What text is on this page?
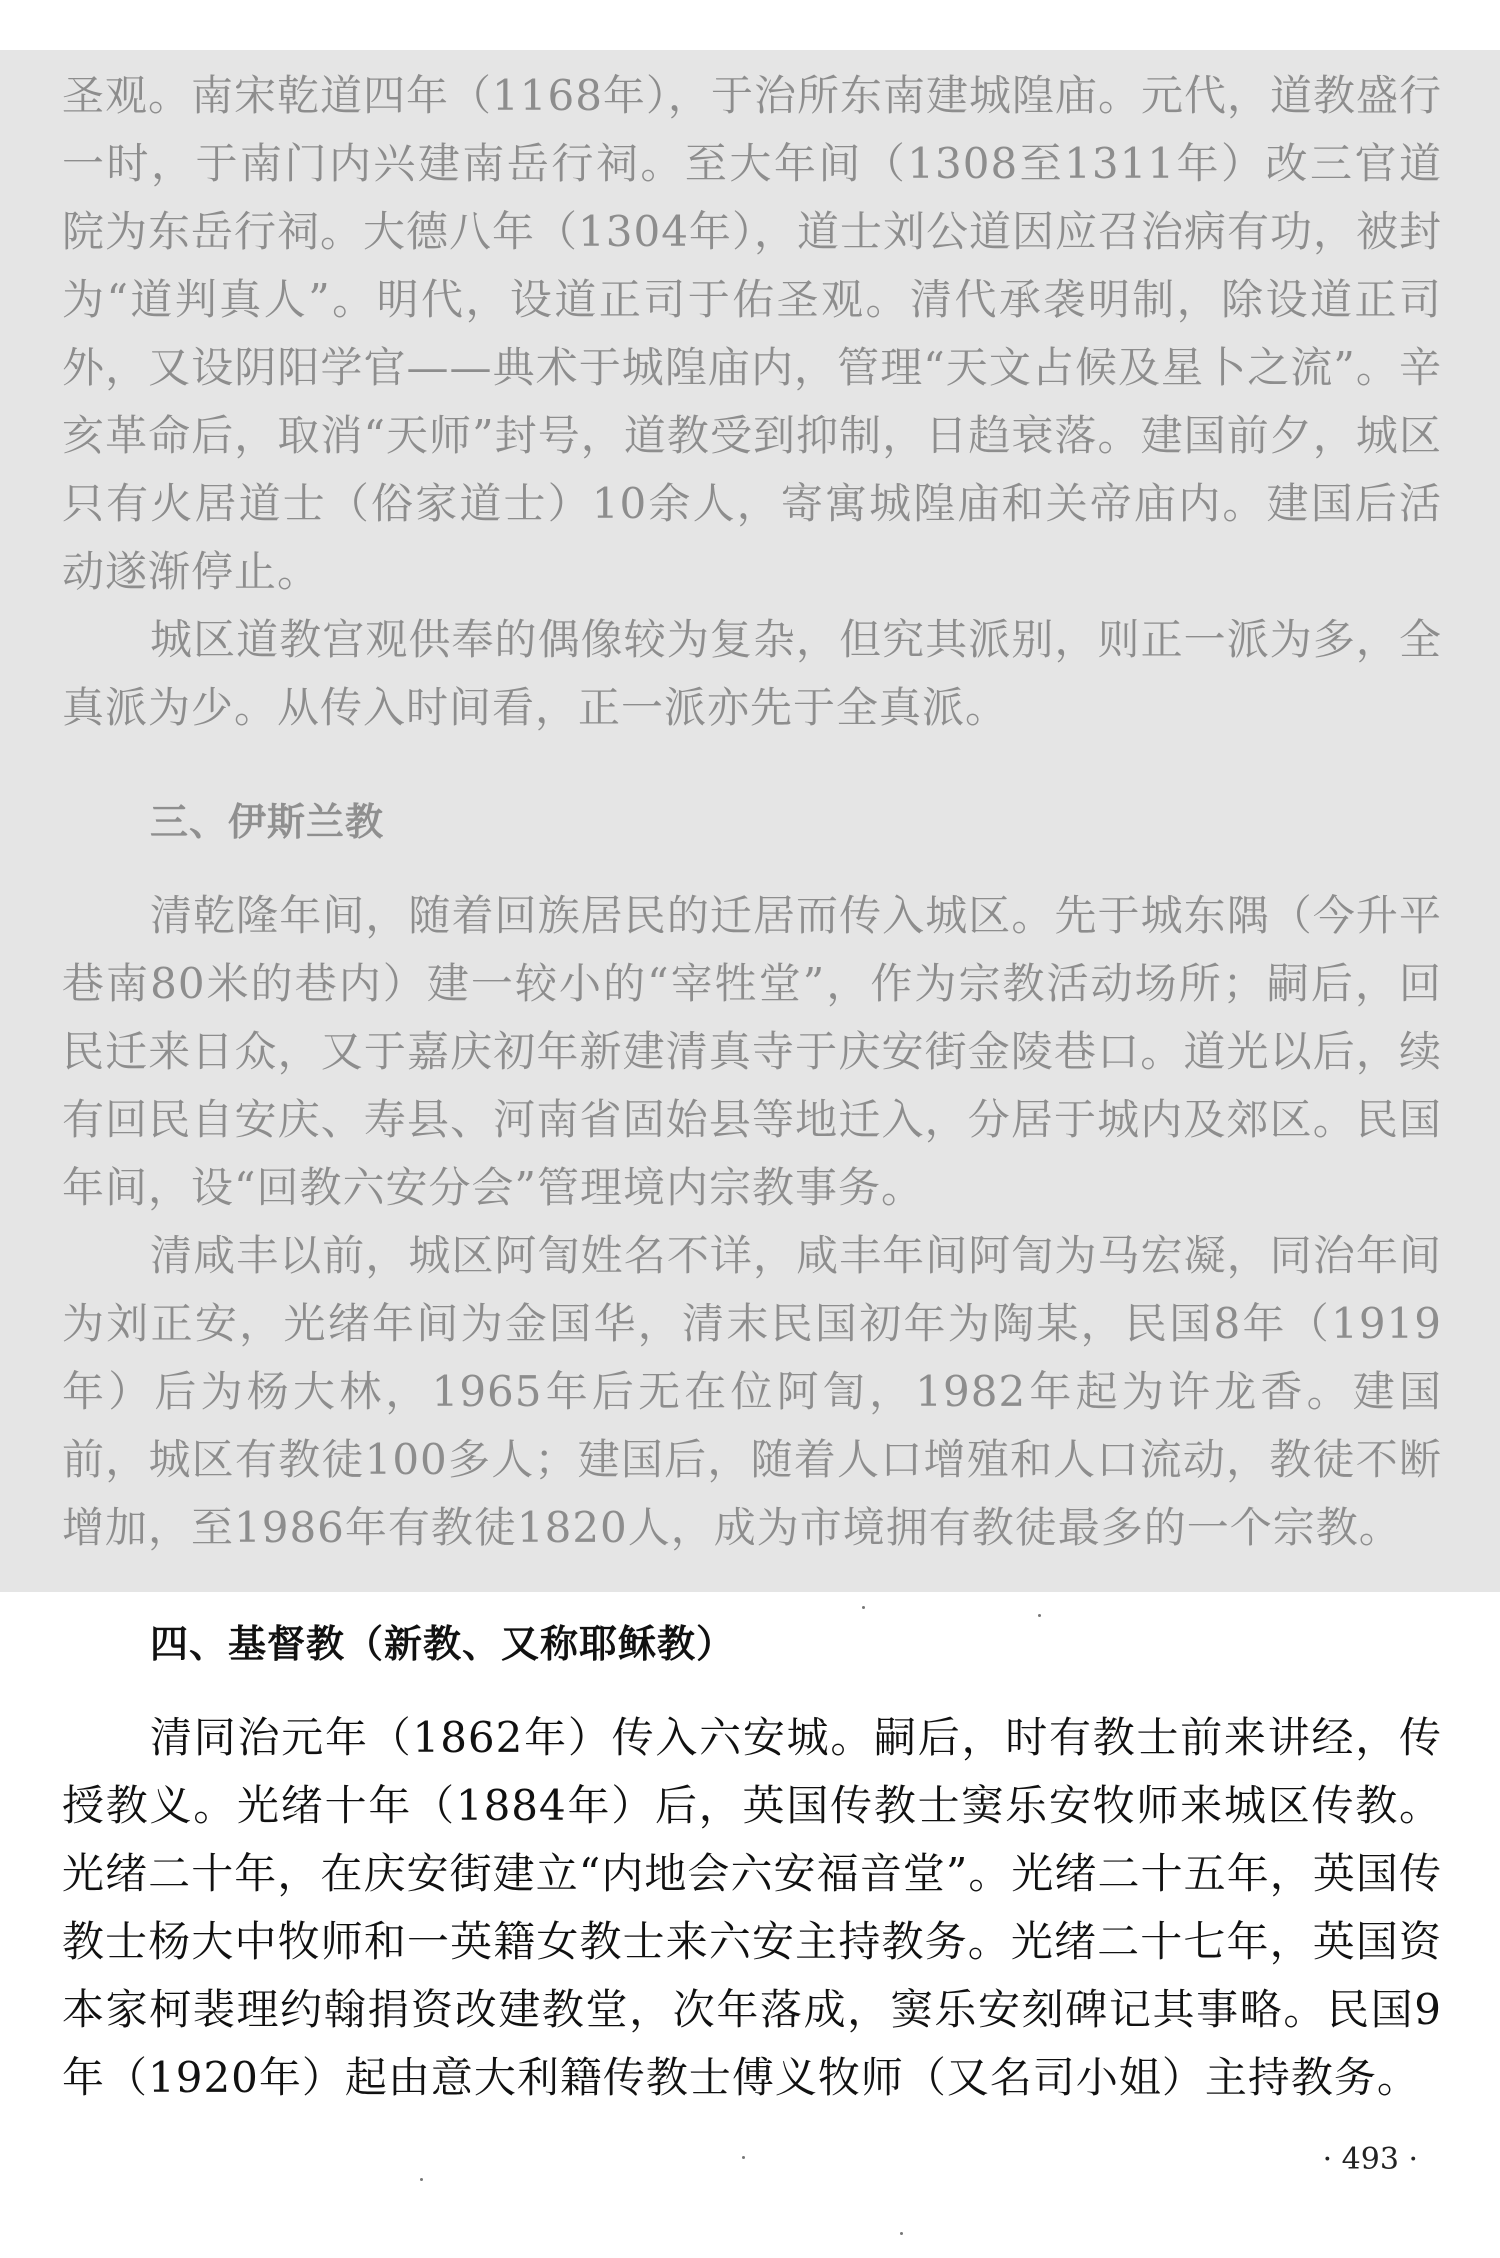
圣观。南宋乾道四年（1168年），于治所东南建城隍庙。元代，道教盛行一时，于南门内兴建南岳行祠。至大年间（1308至1311年）改三官道院为东岳行祠。大德八年（1304年），道士刘公道因应召治病有功，被封为“道判真人”。明代，设道正司于佑圣观。清代承袭明制，除设道正司外，又设阴阳学官——典术于城隍庙内，管理“天文占候及星卜之流”。辛亥革命后，取消“天师”封号，道教受到抑制，日趋衰落。建国前夕，城区只有火居道士（俗家道士）10余人，寄寓城隍庙和关帝庙内。建国后活动遂渐停止。

城区道教宫观供奉的偶像较为复杂，但究其派别，则正一派为多，全真派为少。从传入时间看，正一派亦先于全真派。

三、伊斯兰教

清乾隆年间，随着回族居民的迁居而传入城区。先于城东隅（今升平巷南80米的巷内）建一较小的“宰牲堂”，作为宗教活动场所；嗣后，回民迁来日众，又于嘉庆初年新建清真寺于庆安街金陵巷口。道光以后，续有回民自安庆、寿县、河南省固始县等地迁入，分居于城内及郊区。民国年间，设“回教六安分会”管理境内宗教事务。

清咸丰以前，城区阿訇姓名不详，咸丰年间阿訇为马宏凝，同治年间为刘正安，光绪年间为金国华，清末民国初年为陶某，民国8年（1919年）后为杨大林，1965年后无在位阿訇，1982年起为许龙香。建国前，城区有教徒100多人；建国后，随着人口增殖和人口流动，教徒不断增加，至1986年有教徒1820人，成为市境拥有教徒最多的一个宗教。

四、基督教（新教、又称耶稣教）

清同治元年（1862年）传入六安城。嗣后，时有教士前来讲经，传授教义。光绪十年（1884年）后，英国传教士窦乐安牧师来城区传教。光绪二十年，在庆安街建立“内地会六安福音堂”。光绪二十五年，英国传教士杨大中牧师和一英籍女教士来六安主持教务。光绪二十七年，英国资本家柯裴理约翰捐资改建教堂，次年落成，窦乐安刻碑记其事略。民国9年（1920年）起由意大利籍传教士傅义牧师（又名司小姐）主持教务。

· 493 ·
